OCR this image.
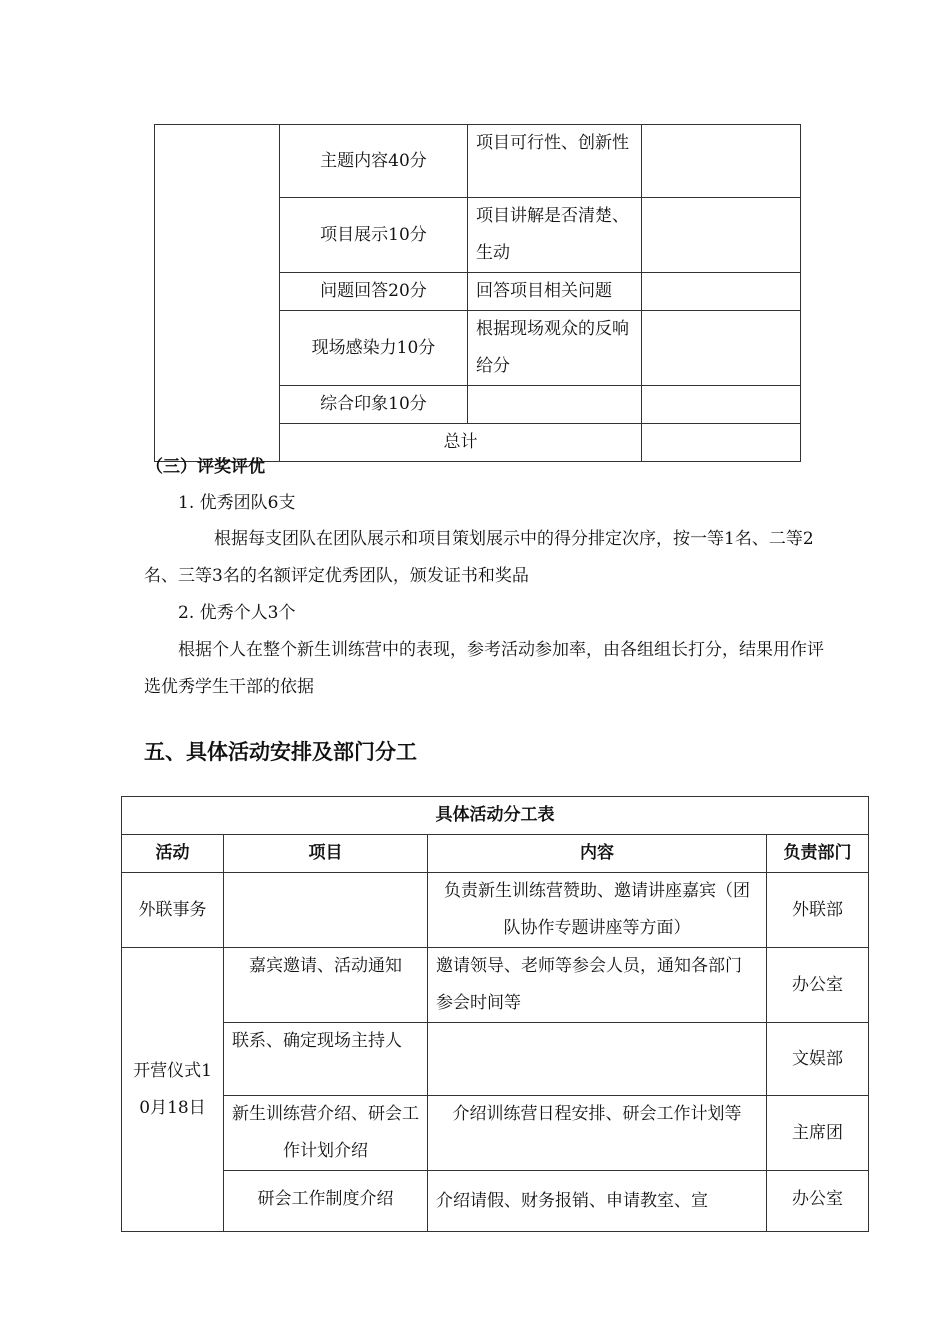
	主题内容40分	项目可行性、创新性	
	项目展示10分	项目讲解是否清楚、生动	
	问题回答20分	回答项目相关问题	
	现场感染力10分	根据现场观众的反响给分	
	综合印象10分		
	总计		
（三）评奖评优
1. 优秀团队6支
根据每支团队在团队展示和项目策划展示中的得分排定次序，按一等1名、二等2名、三等3名的名额评定优秀团队，颁发证书和奖品
2. 优秀个人3个
根据个人在整个新生训练营中的表现，参考活动参加率，由各组组长打分，结果用作评选优秀学生干部的依据
五、具体活动安排及部门分工
具体活动分工表			
活动	项目	内容	负责部门
外联事务		负责新生训练营赞助、邀请讲座嘉宾（团队协作专题讲座等方面）	外联部
开营仪式10月18日	嘉宾邀请、活动通知	邀请领导、老师等参会人员，通知各部门参会时间等	办公室
	联系、确定现场主持人		文娱部
	新生训练营介绍、研会工作计划介绍	介绍训练营日程安排、研会工作计划等	主席团
	研会工作制度介绍	介绍请假、财务报销、申请教室、宣	办公室
